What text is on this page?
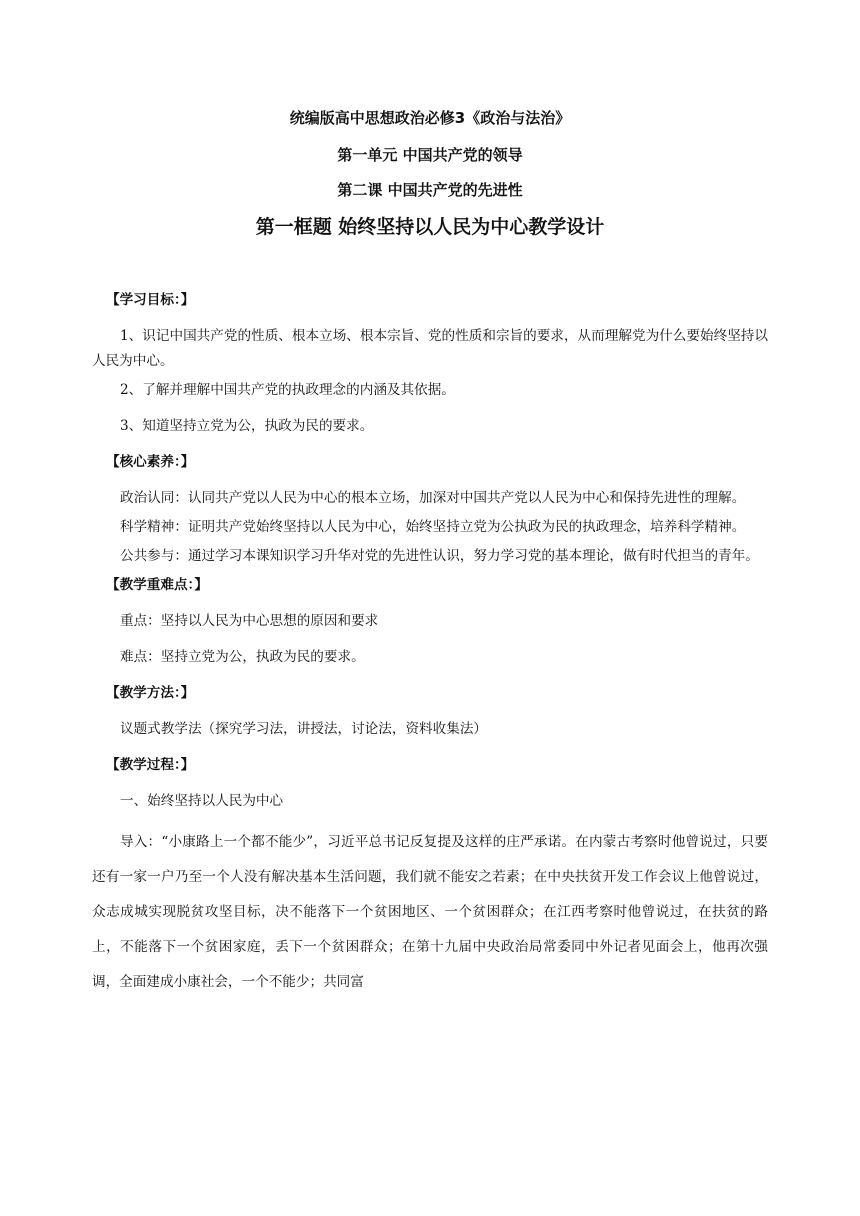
统编版高中思想政治必修3《政治与法治》
第一单元 中国共产党的领导
第二课 中国共产党的先进性
第一框题 始终坚持以人民为中心教学设计

【学习目标：】

1、识记中国共产党的性质、根本立场、根本宗旨、党的性质和宗旨的要求，从而理解党为什么要始终坚持以人民为中心。

2、了解并理解中国共产党的执政理念的内涵及其依据。

3、知道坚持立党为公，执政为民的要求。

【核心素养：】

政治认同：认同共产党以人民为中心的根本立场，加深对中国共产党以人民为中心和保持先进性的理解。

科学精神：证明共产党始终坚持以人民为中心，始终坚持立党为公执政为民的执政理念，培养科学精神。

公共参与：通过学习本课知识学习升华对党的先进性认识，努力学习党的基本理论，做有时代担当的青年。

【教学重难点：】

重点：坚持以人民为中心思想的原因和要求

难点：坚持立党为公，执政为民的要求。

【教学方法：】

议题式教学法（探究学习法，讲授法，讨论法，资料收集法）

【教学过程：】

一、始终坚持以人民为中心

导入：“小康路上一个都不能少”，习近平总书记反复提及这样的庄严承诺。在内蒙古考察时他曾说过，只要还有一家一户乃至一个人没有解决基本生活问题，我们就不能安之若素；在中央扶贫开发工作会议上他曾说过，众志成城实现脱贫攻坚目标，决不能落下一个贫困地区、一个贫困群众；在江西考察时他曾说过，在扶贫的路上，不能落下一个贫困家庭，丢下一个贫困群众；在第十九届中央政治局常委同中外记者见面会上，他再次强调，全面建成小康社会，一个不能少；共同富
